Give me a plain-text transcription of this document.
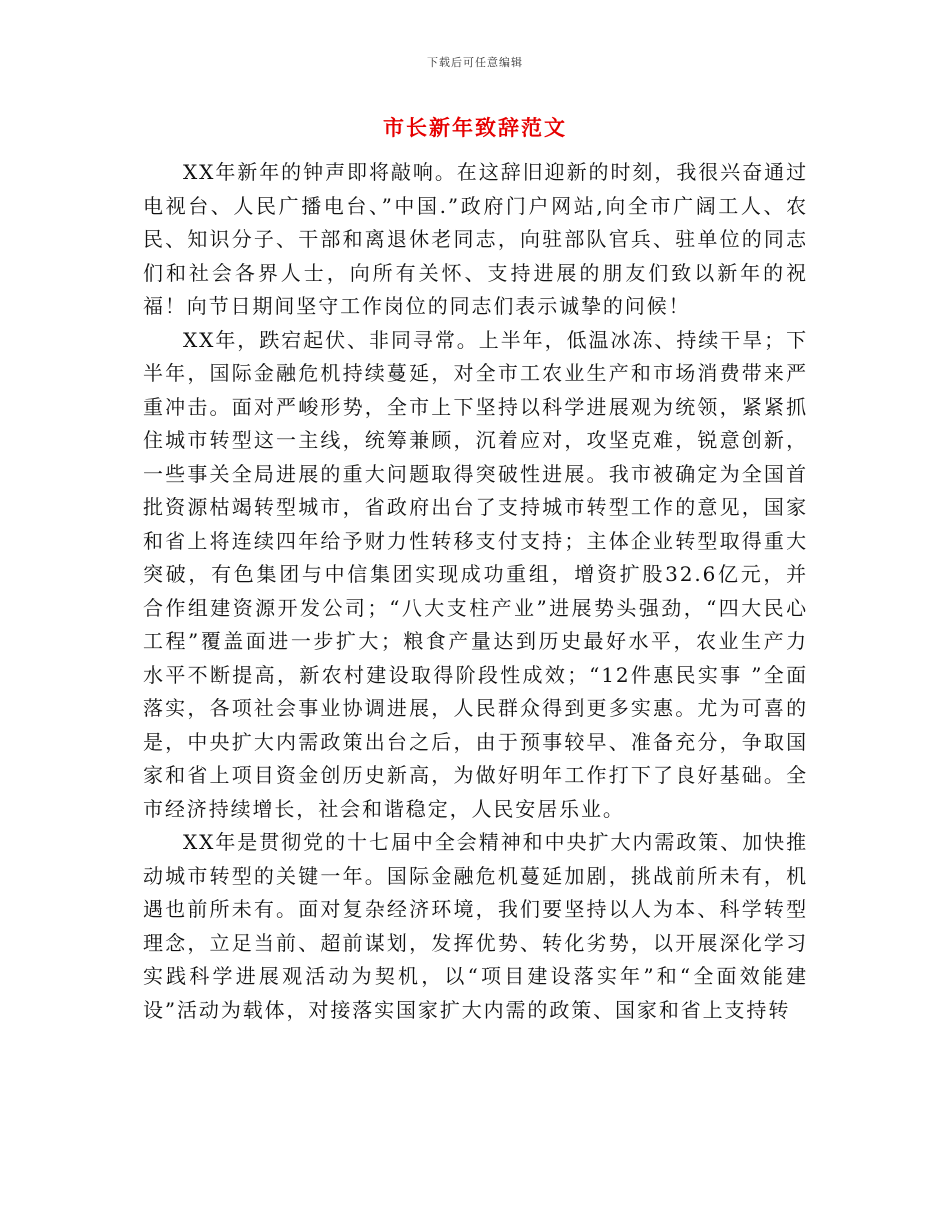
下载后可任意编辑
市长新年致辞范文

XX年新年的钟声即将敲响。在这辞旧迎新的时刻，我很兴奋通过电视台、人民广播电台、”中国.”政府门户网站,向全市广阔工人、农民、知识分子、干部和离退休老同志，向驻部队官兵、驻单位的同志们和社会各界人士，向所有关怀、支持进展的朋友们致以新年的祝福！向节日期间坚守工作岗位的同志们表示诚挚的问候！

XX年，跌宕起伏、非同寻常。上半年，低温冰冻、持续干旱；下半年，国际金融危机持续蔓延，对全市工农业生产和市场消费带来严重冲击。面对严峻形势，全市上下坚持以科学进展观为统领，紧紧抓住城市转型这一主线，统筹兼顾，沉着应对，攻坚克难，锐意创新，一些事关全局进展的重大问题取得突破性进展。我市被确定为全国首批资源枯竭转型城市，省政府出台了支持城市转型工作的意见，国家和省上将连续四年给予财力性转移支付支持；主体企业转型取得重大突破，有色集团与中信集团实现成功重组，增资扩股32.6亿元，并合作组建资源开发公司；“八大支柱产业”进展势头强劲，“四大民心工程”覆盖面进一步扩大；粮食产量达到历史最好水平，农业生产力水平不断提高，新农村建设取得阶段性成效；“12件惠民实事 ”全面落实，各项社会事业协调进展，人民群众得到更多实惠。尤为可喜的是，中央扩大内需政策出台之后，由于预事较早、准备充分，争取国家和省上项目资金创历史新高，为做好明年工作打下了良好基础。全市经济持续增长，社会和谐稳定，人民安居乐业。

XX年是贯彻党的十七届中全会精神和中央扩大内需政策、加快推动城市转型的关键一年。国际金融危机蔓延加剧，挑战前所未有，机遇也前所未有。面对复杂经济环境，我们要坚持以人为本、科学转型理念，立足当前、超前谋划，发挥优势、转化劣势，以开展深化学习实践科学进展观活动为契机，以“项目建设落实年”和“全面效能建设”活动为载体，对接落实国家扩大内需的政策、国家和省上支持转
